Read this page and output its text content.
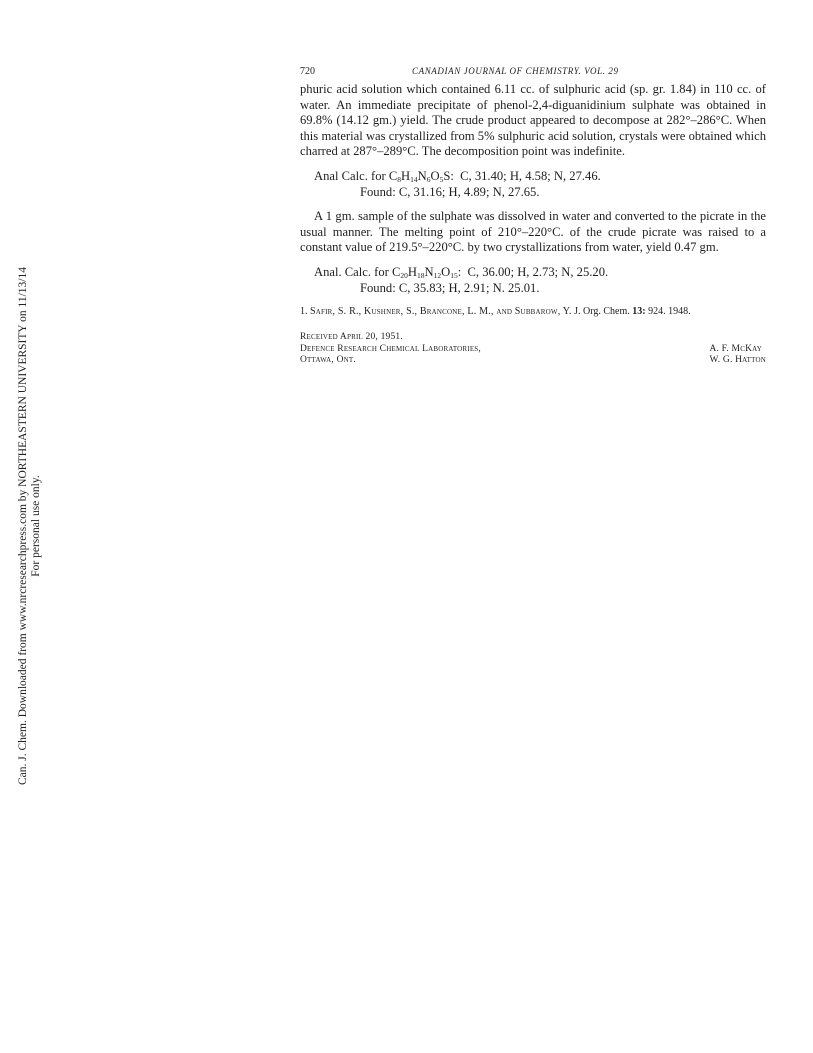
Can. J. Chem. Downloaded from www.nrcresearchpress.com by NORTHEASTERN UNIVERSITY on 11/13/14 For personal use only.
720	CANADIAN JOURNAL OF CHEMISTRY. VOL. 29

phuric acid solution which contained 6.11 cc. of sulphuric acid (sp. gr. 1.84) in 110 cc. of water. An immediate precipitate of phenol-2,4-diguanidinium sulphate was obtained in 69.8% (14.12 gm.) yield. The crude product appeared to decompose at 282°–286°C. When this material was crystallized from 5% sulphuric acid solution, crystals were obtained which charred at 287°–289°C. The decomposition point was indefinite.

Anal Calc. for $C_8H_{14}N_6O_5S$: C, 31.40; H, 4.58; N, 27.46.
Found: C, 31.16; H, 4.89; N, 27.65.

A 1 gm. sample of the sulphate was dissolved in water and converted to the picrate in the usual manner. The melting point of 210°–220°C. of the crude picrate was raised to a constant value of 219.5°–220°C. by two crystallizations from water, yield 0.47 gm.

Anal. Calc. for $C_{20}H_{18}N_{12}O_{15}$: C, 36.00; H, 2.73; N, 25.20.
Found: C, 35.83; H, 2.91; N. 25.01.
1. Safir, S. R., Kushner, S., Brancone, L. M., and Subbarow, Y. J. Org. Chem. 13: 924. 1948.
Received April 20, 1951.
Defence Research Chemical Laboratories,
Ottawa, Ont.
A. F. McKay
W. G. Hatton
